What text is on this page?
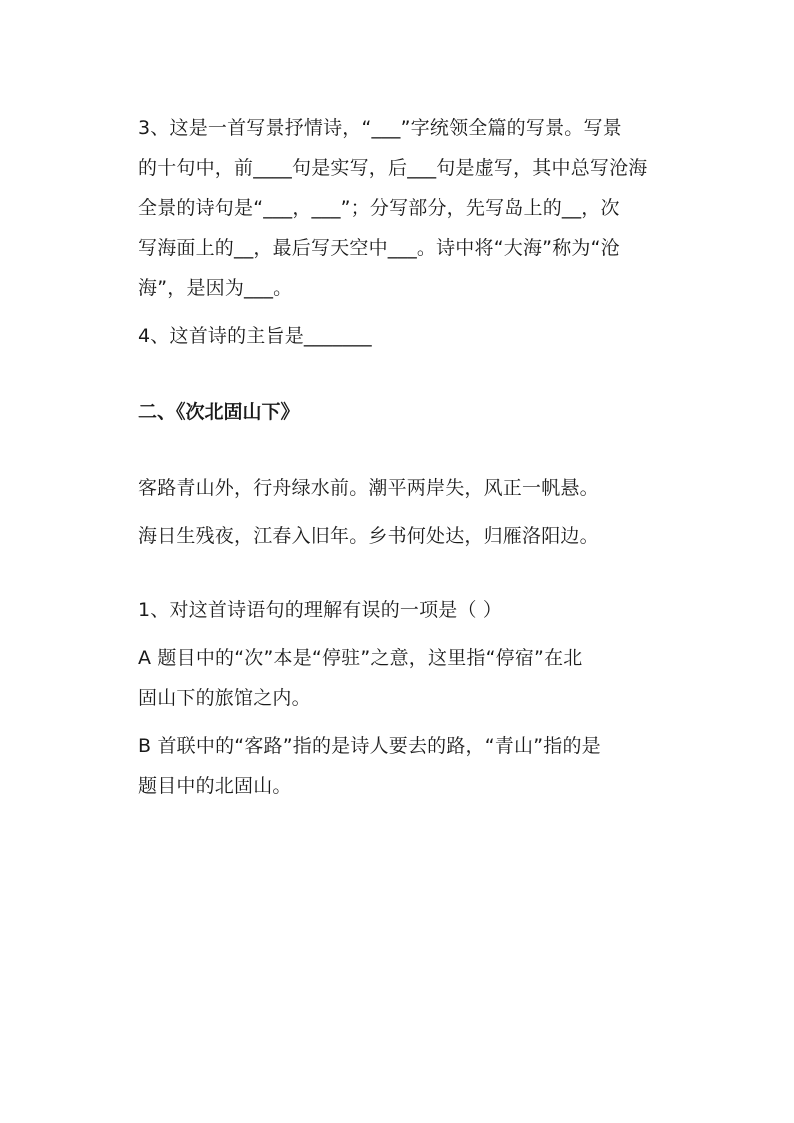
3、这是一首写景抒情诗，“___”字统领全篇的写景。写景
的十句中，前____句是实写，后___句是虚写，其中总写沧海
全景的诗句是“___，___”；分写部分，先写岛上的__，次
写海面上的__，最后写天空中___。诗中将“大海”称为“沧
海”，是因为___。
4、这首诗的主旨是_______
二、《次北固山下》
客路青山外，行舟绿水前。潮平两岸失，风正一帆悬。
海日生残夜，江春入旧年。乡书何处达，归雁洛阳边。
1、对这首诗语句的理解有误的一项是（ ）
A 题目中的“次”本是“停驻”之意，这里指“停宿”在北
固山下的旅馆之内。
B 首联中的“客路”指的是诗人要去的路，“青山”指的是
题目中的北固山。
